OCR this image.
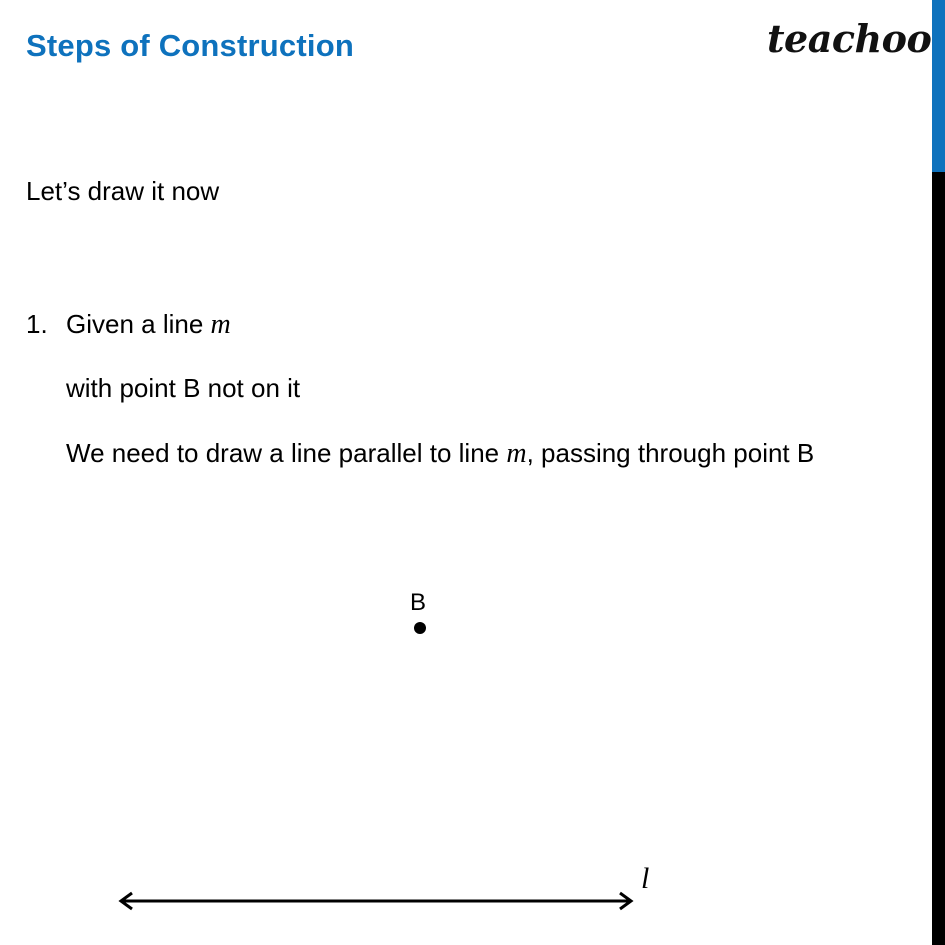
Steps of Construction	teachoo
Let’s draw it now
1. Given a line m
with point B not on it
We need to draw a line parallel to line m, passing through point B
B
l
